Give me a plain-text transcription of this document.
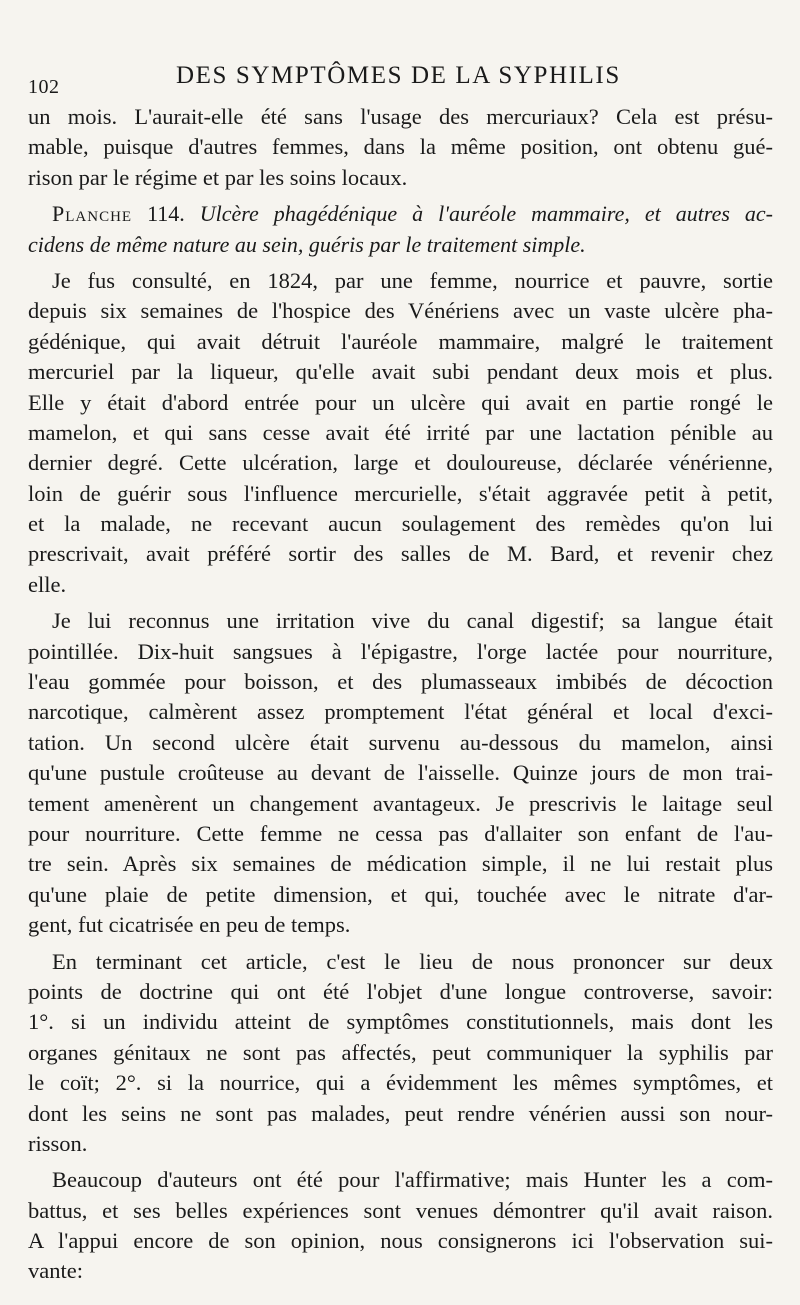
102	DES SYMPTÔMES DE LA SYPHILIS
un mois. L'aurait-elle été sans l'usage des mercuriaux? Cela est présu-
mable, puisque d'autres femmes, dans la même position, ont obtenu gué-
rison par le régime et par les soins locaux.
Planche 114. Ulcère phagédénique à l'auréole mammaire, et autres ac-
cidens de même nature au sein, guéris par le traitement simple.
Je fus consulté, en 1824, par une femme, nourrice et pauvre, sortie
depuis six semaines de l'hospice des Vénériens avec un vaste ulcère pha-
gédénique, qui avait détruit l'auréole mammaire, malgré le traitement
mercuriel par la liqueur, qu'elle avait subi pendant deux mois et plus.
Elle y était d'abord entrée pour un ulcère qui avait en partie rongé le
mamelon, et qui sans cesse avait été irrité par une lactation pénible au
dernier degré. Cette ulcération, large et douloureuse, déclarée vénérienne,
loin de guérir sous l'influence mercurielle, s'était aggravée petit à petit,
et la malade, ne recevant aucun soulagement des remèdes qu'on lui
prescrivait, avait préféré sortir des salles de M. Bard, et revenir chez
elle.
Je lui reconnus une irritation vive du canal digestif; sa langue était
pointillée. Dix-huit sangsues à l'épigastre, l'orge lactée pour nourriture,
l'eau gommée pour boisson, et des plumasseaux imbibés de décoction
narcotique, calmèrent assez promptement l'état général et local d'exci-
tation. Un second ulcère était survenu au-dessous du mamelon, ainsi
qu'une pustule croûteuse au devant de l'aisselle. Quinze jours de mon trai-
tement amenèrent un changement avantageux. Je prescrivis le laitage seul
pour nourriture. Cette femme ne cessa pas d'allaiter son enfant de l'au-
tre sein. Après six semaines de médication simple, il ne lui restait plus
qu'une plaie de petite dimension, et qui, touchée avec le nitrate d'ar-
gent, fut cicatrisée en peu de temps.
En terminant cet article, c'est le lieu de nous prononcer sur deux
points de doctrine qui ont été l'objet d'une longue controverse, savoir:
1°. si un individu atteint de symptômes constitutionnels, mais dont les
organes génitaux ne sont pas affectés, peut communiquer la syphilis par
le coït; 2°. si la nourrice, qui a évidemment les mêmes symptômes, et
dont les seins ne sont pas malades, peut rendre vénérien aussi son nour-
risson.
Beaucoup d'auteurs ont été pour l'affirmative; mais Hunter les a com-
battus, et ses belles expériences sont venues démontrer qu'il avait raison.
A l'appui encore de son opinion, nous consignerons ici l'observation sui-
vante:
